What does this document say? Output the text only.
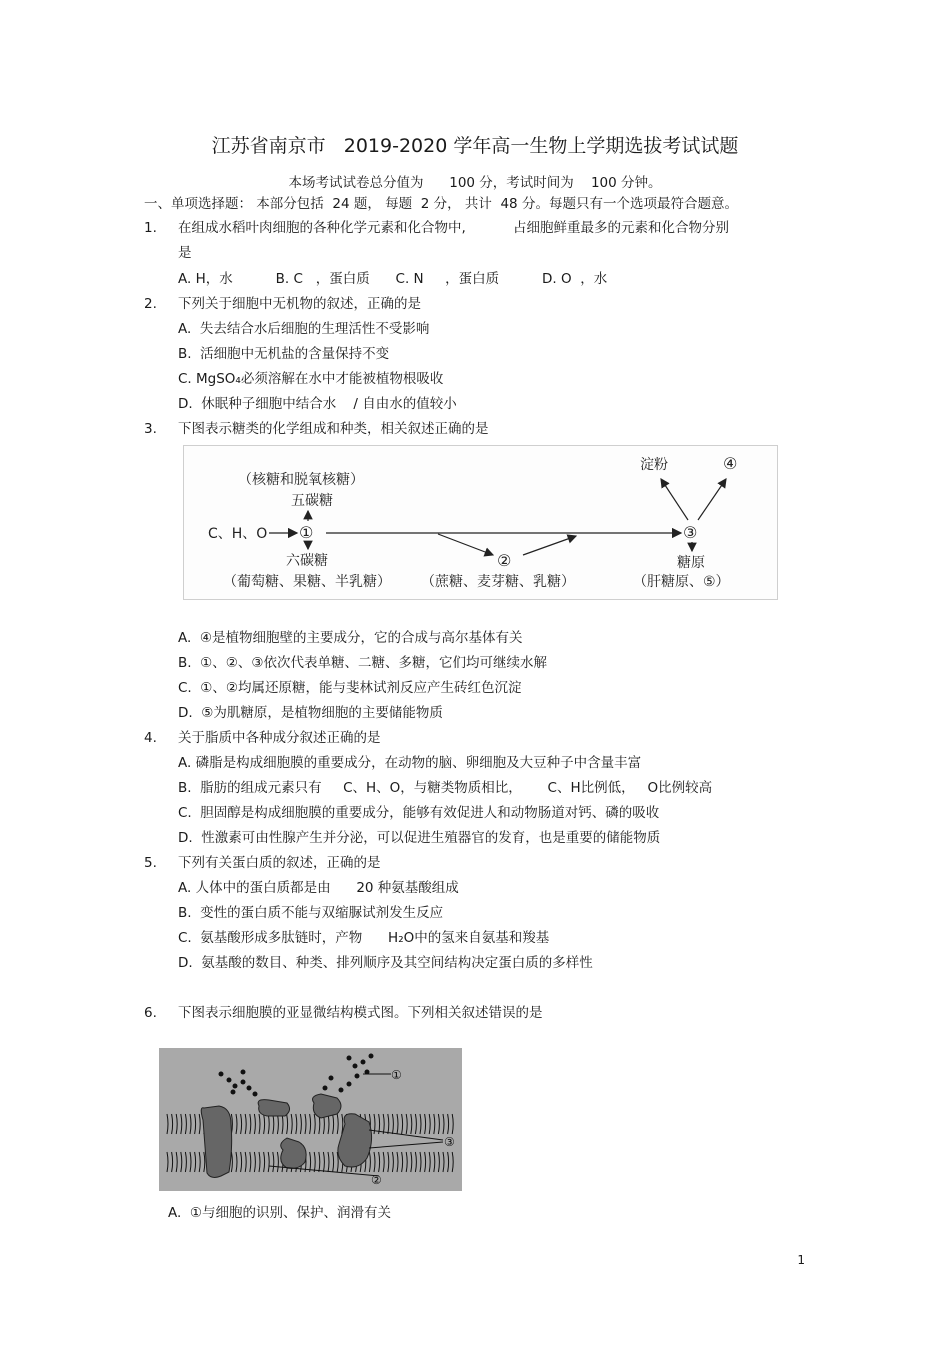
江苏省南京市   2019-2020 学年高一生物上学期选拔考试试题
本场考试试卷总分值为      100 分，考试时间为    100 分钟。
一、单项选择题： 本部分包括  24 题， 每题  2 分， 共计  48 分。每题只有一个选项最符合题意。
1. 在组成水稻叶肉细胞的各种化学元素和化合物中,           占细胞鲜重最多的元素和化合物分别
是
A. H，水          B. C   ，蛋白质      C. N     ，蛋白质          D. O  ，水
2. 下列关于细胞中无机物的叙述，正确的是
A.  失去结合水后细胞的生理活性不受影响
B.  活细胞中无机盐的含量保持不变
C. MgSO₄必须溶解在水中才能被植物根吸收
D.  休眠种子细胞中结合水    / 自由水的值较小
3. 下图表示糖类的化学组成和种类，相关叙述正确的是
（核糖和脱氧核糖）
五碳糖
C、H、O ①
六碳糖
（葡萄糖、果糖、半乳糖）
②
（蔗糖、麦芽糖、乳糖）
③
淀粉	④
糖原
（肝糖原、⑤）
A.  ④是植物细胞壁的主要成分，它的合成与高尔基体有关
B.  ①、②、③依次代表单糖、二糖、多糖，它们均可继续水解
C.  ①、②均属还原糖，能与斐林试剂反应产生砖红色沉淀
D.  ⑤为肌糖原，是植物细胞的主要储能物质
4. 关于脂质中各种成分叙述正确的是
A. 磷脂是构成细胞膜的重要成分，在动物的脑、卵细胞及大豆种子中含量丰富
B.  脂肪的组成元素只有     C、H、O，与糖类物质相比，      C、H比例低，   O比例较高
C.  胆固醇是构成细胞膜的重要成分，能够有效促进人和动物肠道对钙、磷的吸收
D.  性激素可由性腺产生并分泌，可以促进生殖器官的发育，也是重要的储能物质
5. 下列有关蛋白质的叙述，正确的是
A. 人体中的蛋白质都是由      20 种氨基酸组成
B.  变性的蛋白质不能与双缩脲试剂发生反应
C.  氨基酸形成多肽链时，产物      H₂O中的氢来自氨基和羧基
D.  氨基酸的数目、种类、排列顺序及其空间结构决定蛋白质的多样性
6. 下图表示细胞膜的亚显微结构模式图。下列相关叙述错误的是
①
②
③
A.  ①与细胞的识别、保护、润滑有关
1
